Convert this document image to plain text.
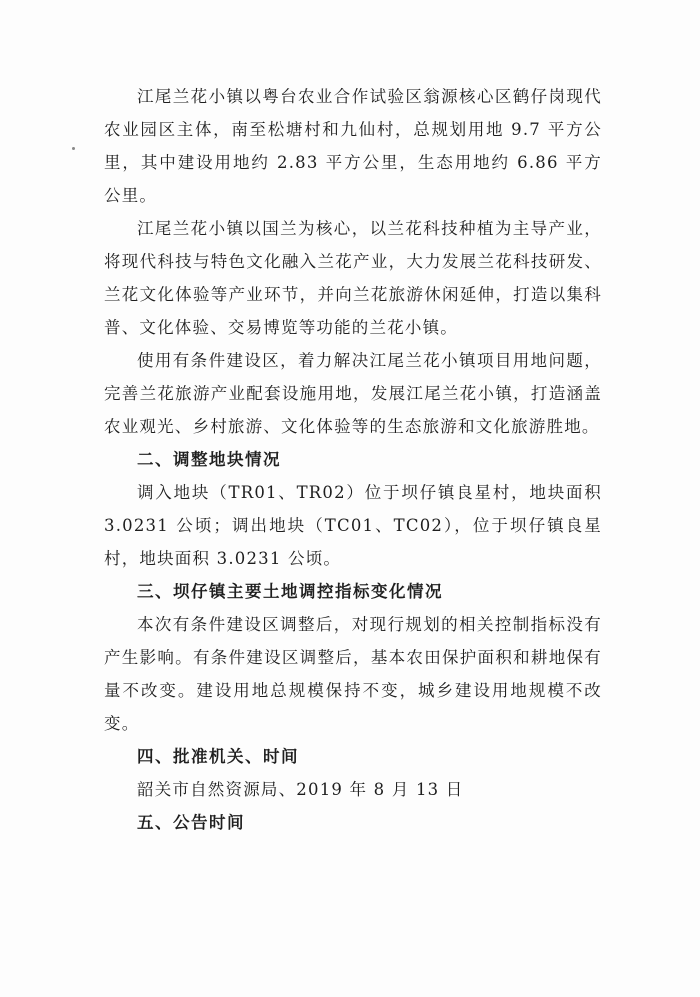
江尾兰花小镇以粤台农业合作试验区翁源核心区鹤仔岗现代农业园区主体，南至松塘村和九仙村，总规划用地 9.7 平方公里，其中建设用地约 2.83 平方公里，生态用地约 6.86 平方公里。

江尾兰花小镇以国兰为核心，以兰花科技种植为主导产业，将现代科技与特色文化融入兰花产业，大力发展兰花科技研发、兰花文化体验等产业环节，并向兰花旅游休闲延伸，打造以集科普、文化体验、交易博览等功能的兰花小镇。

使用有条件建设区，着力解决江尾兰花小镇项目用地问题，完善兰花旅游产业配套设施用地，发展江尾兰花小镇，打造涵盖农业观光、乡村旅游、文化体验等的生态旅游和文化旅游胜地。

二、调整地块情况

调入地块（TR01、TR02）位于坝仔镇良星村，地块面积 3.0231 公顷；调出地块（TC01、TC02），位于坝仔镇良星村，地块面积 3.0231 公顷。

三、坝仔镇主要土地调控指标变化情况

本次有条件建设区调整后，对现行规划的相关控制指标没有产生影响。有条件建设区调整后，基本农田保护面积和耕地保有量不改变。建设用地总规模保持不变，城乡建设用地规模不改变。

四、批准机关、时间

韶关市自然资源局、2019 年 8 月 13 日

五、公告时间
